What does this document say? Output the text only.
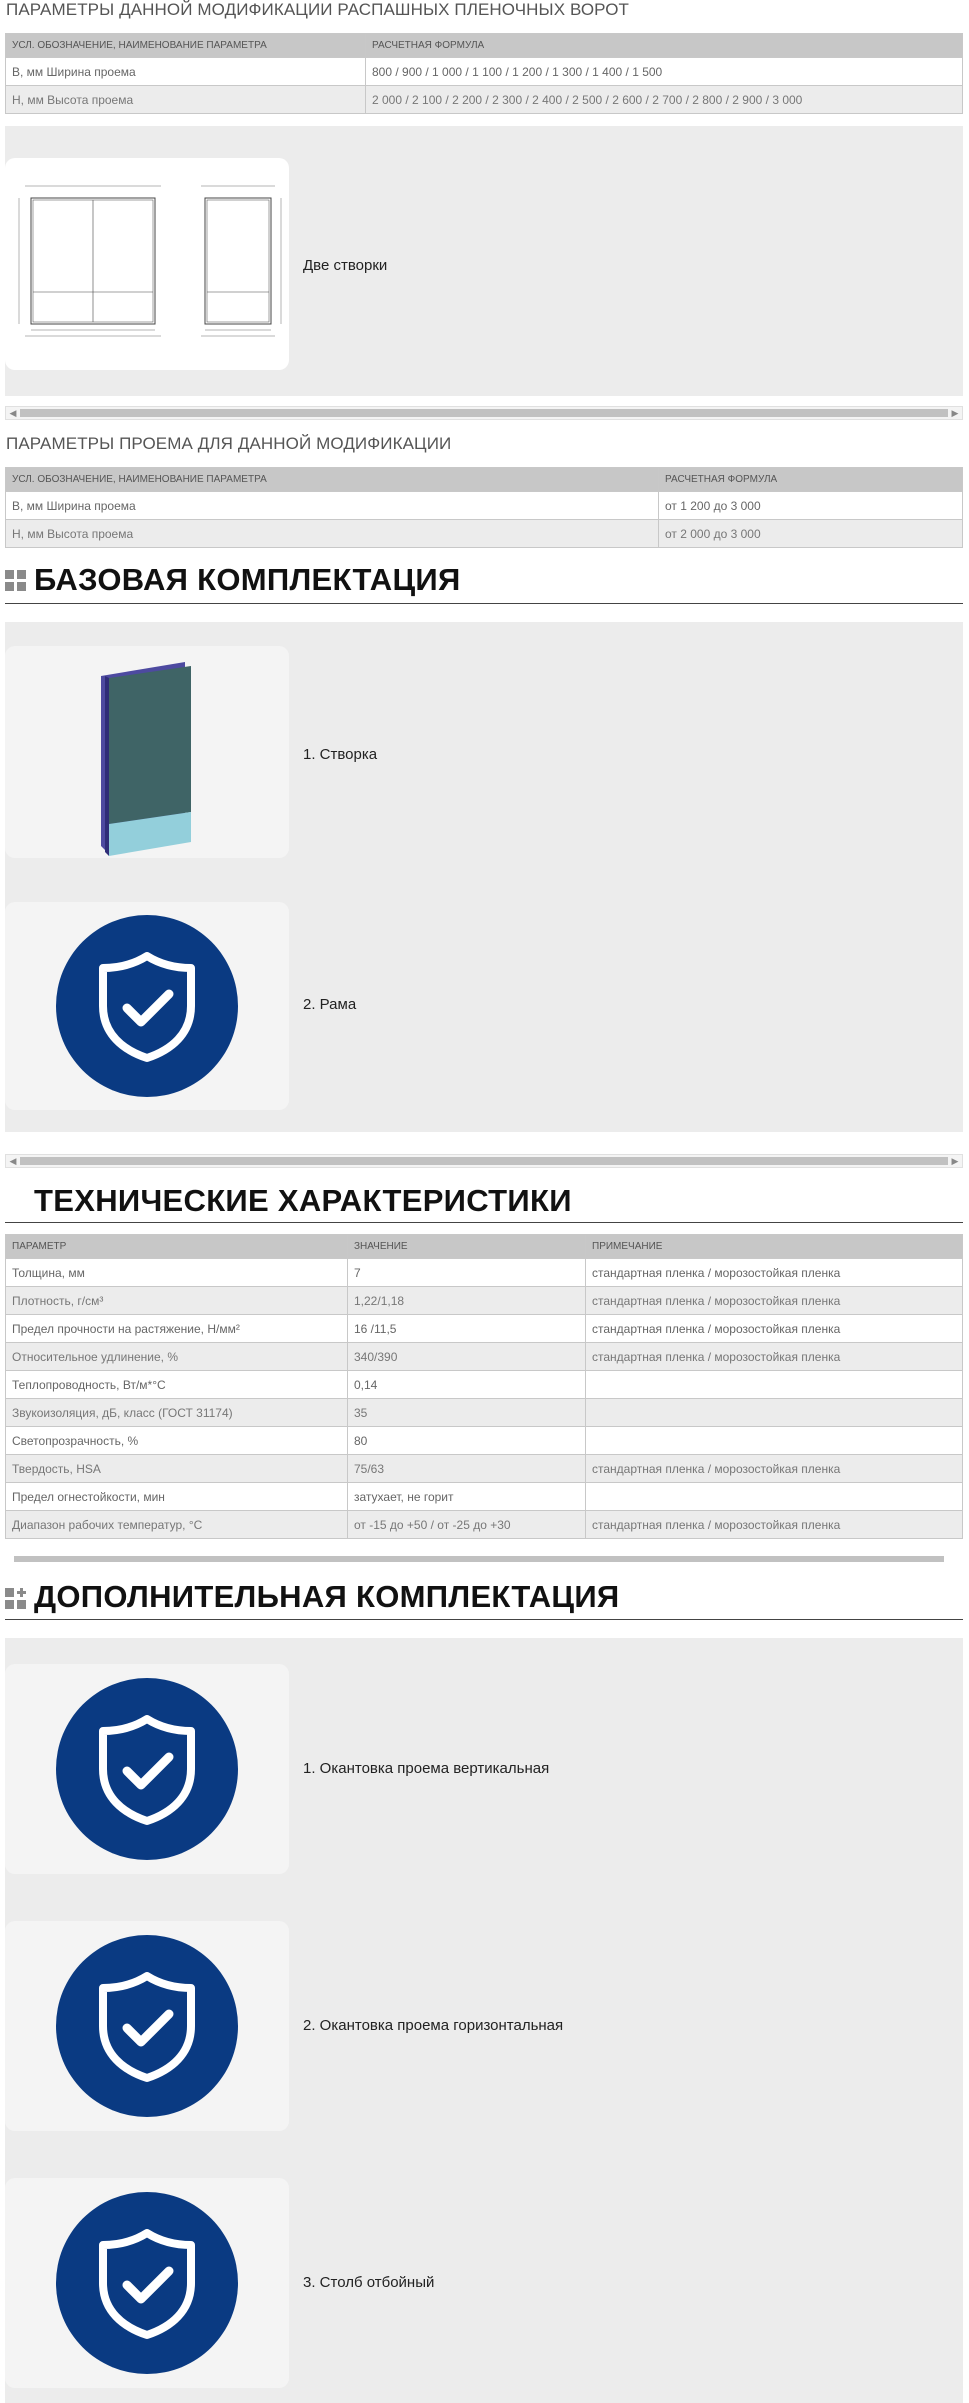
ПАРАМЕТРЫ ДАННОЙ МОДИФИКАЦИИ РАСПАШНЫХ ПЛЕНОЧНЫХ ВОРОТ
УСЛ. ОБОЗНАЧЕНИЕ, НАИМЕНОВАНИЕ ПАРАМЕТРА	РАСЧЕТНАЯ ФОРМУЛА
B, мм Ширина проема	800 / 900 / 1 000 / 1 100 / 1 200 / 1 300 / 1 400 / 1 500
H, мм Высота проема	2 000 / 2 100 / 2 200 / 2 300 / 2 400 / 2 500 / 2 600 / 2 700 / 2 800 / 2 900 / 3 000
Две створки
◀	▶
ПАРАМЕТРЫ ПРОЕМА ДЛЯ ДАННОЙ МОДИФИКАЦИИ
УСЛ. ОБОЗНАЧЕНИЕ, НАИМЕНОВАНИЕ ПАРАМЕТРА	РАСЧЕТНАЯ ФОРМУЛА
B, мм Ширина проема	от 1 200 до 3 000
H, мм Высота проема	от 2 000 до 3 000
БАЗОВАЯ КОМПЛЕКТАЦИЯ
1. Створка
2. Рама
◀	▶
ТЕХНИЧЕСКИЕ ХАРАКТЕРИСТИКИ
ПАРАМЕТР	ЗНАЧЕНИЕ	ПРИМЕЧАНИЕ
Толщина, мм	7	стандартная пленка / морозостойкая пленка
Плотность, г/см³	1,22/1,18	стандартная пленка / морозостойкая пленка
Предел прочности на растяжение, Н/мм²	16 /11,5	стандартная пленка / морозостойкая пленка
Относительное удлинение, %	340/390	стандартная пленка / морозостойкая пленка
Теплопроводность, Вт/м*°С	0,14	
Звукоизоляция, дБ, класс (ГОСТ 31174)	35	
Светопрозрачность, %	80	
Твердость, HSA	75/63	стандартная пленка / морозостойкая пленка
Предел огнестойкости, мин	затухает, не горит	
Диапазон рабочих температур, °С	от -15 до +50 / от -25 до +30	стандартная пленка / морозостойкая пленка
ДОПОЛНИТЕЛЬНАЯ КОМПЛЕКТАЦИЯ
1. Окантовка проема вертикальная
2. Окантовка проема горизонтальная
3. Столб отбойный
